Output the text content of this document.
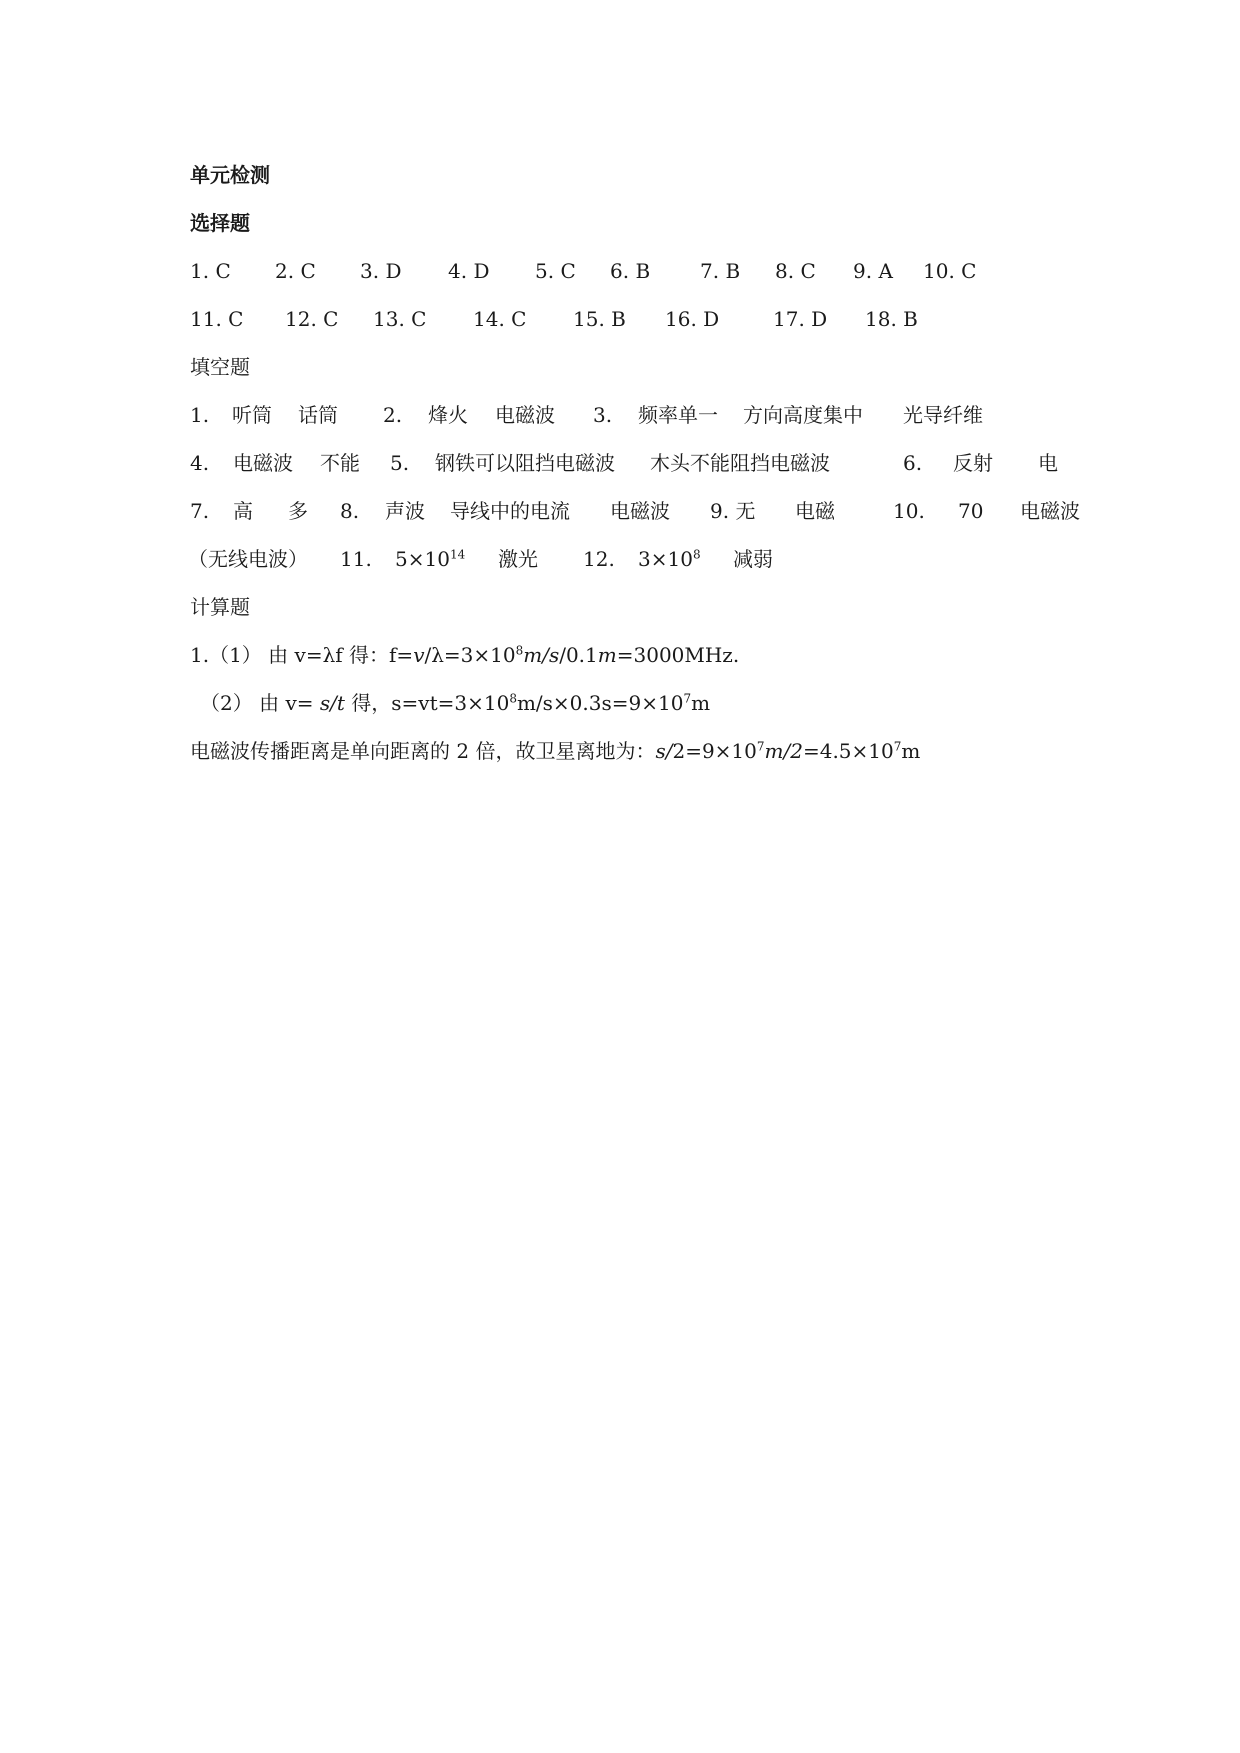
单元检测
选择题
1. C 2. C 3. D 4. D 5. C 6. B 7. B 8. C 9. A 10. C
11. C 12. C 13. C 14. C 15. B 16. D	17. D 18. B
填空题
1. 听筒 话筒 2. 烽火 电磁波 3. 频率单一 方向高度集中 光导纤维
4. 电磁波 不能 5. 钢铁可以阻挡电磁波 木头不能阻挡电磁波	6. 反射 电
7. 高 多 8. 声波 导线中的电流 电磁波 9. 无 电磁	10. 70 电磁波
（无线电波） 11. $5\times 10^{14}$ 激光 12. $3\times 10^8$ 减弱
计算题
1.（1） 由 v=λf 得：$f=v/\lambda=3\times 10^8m/s/0.1m=3000MHz$.
（2） 由 v= s/t 得，$s=vt=3\times 10^8m/s\times 0.3s=9\times 10^7m$
电磁波传播距离是单向距离的 2 倍，故卫星离地为：$s/2=9\times 10^7m/2=4.5\times 10^7m$
